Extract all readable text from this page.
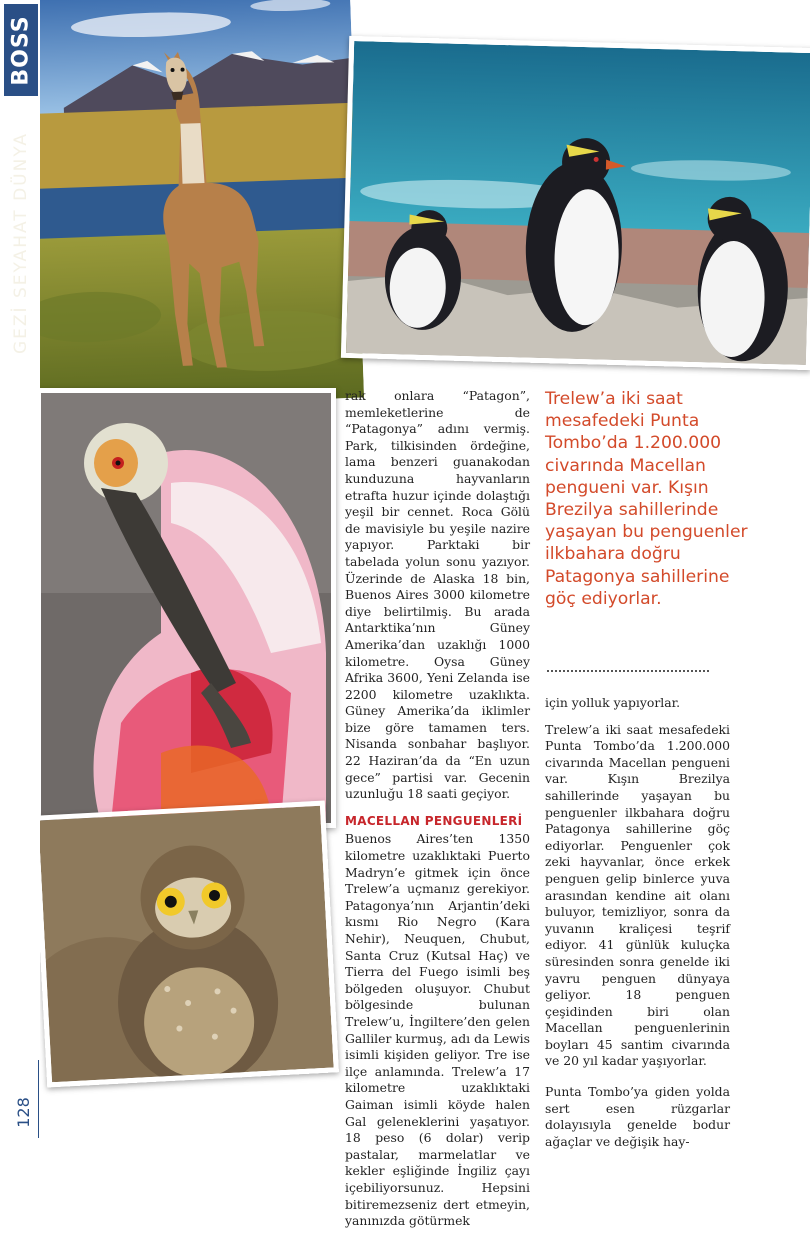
BOSS
GEZİ SEYAHAT DÜNYA
128

rak onlara “Patagon”, memleketlerine de “Patagonya” adını vermiş. Park, tilkisinden ördeğine, lama benzeri guanakodan kunduzuna hayvanların etrafta huzur içinde dolaştığı yeşil bir cennet. Roca Gölü de mavisiyle bu yeşile nazire yapıyor. Parktaki bir tabelada yolun sonu yazıyor. Üzerinde de Alaska 18 bin, Buenos Aires 3000 kilometre diye belirtilmiş. Bu arada Antarktika’nın Güney Amerika’dan uzaklığı 1000 kilometre. Oysa Güney Afrika 3600, Yeni Zelanda ise 2200 kilometre uzaklıkta. Güney Amerika’da iklimler bize göre tamamen ters. Nisanda sonbahar başlıyor. 22 Haziran’da da “En uzun gece” partisi var. Gecenin uzunluğu 18 saati geçiyor.

MACELLAN PENGUENLERİ

Buenos Aires’ten 1350 kilometre uzaklıktaki Puerto Madryn’e gitmek için önce Trelew’a uçmanız gerekiyor. Patagonya’nın Arjantin’deki kısmı Rio Negro (Kara Nehir), Neuquen, Chubut, Santa Cruz (Kutsal Haç) ve Tierra del Fuego isimli beş bölgeden oluşuyor. Chubut bölgesinde bulunan Trelew’u, İngiltere’den gelen Galliler kurmuş, adı da Lewis isimli kişiden geliyor. Tre ise ilçe anlamında. Trelew’a 17 kilometre uzaklıktaki Gaiman isimli köyde halen Gal geleneklerini yaşatıyor. 18 peso (6 dolar) verip pastalar, marmelatlar ve kekler eşliğinde İngiliz çayı içebiliyorsunuz. Hepsini bitiremezseniz dert etmeyin, yanınızda götürmek

Trelew’a iki saat mesafedeki Punta Tombo’da 1.200.000 civarında Macellan pengueni var. Kışın Brezilya sahillerinde yaşayan bu penguenler ilkbahara doğru Patagonya sahillerine göç ediyorlar.

için yolluk yapıyorlar.

Trelew’a iki saat mesafedeki Punta Tombo’da 1.200.000 civarında Macellan pengueni var. Kışın Brezilya sahillerinde yaşayan bu penguenler ilkbahara doğru Patagonya sahillerine göç ediyorlar. Penguenler çok zeki hayvanlar, önce erkek penguen gelip binlerce yuva arasından kendine ait olanı buluyor, temizliyor, sonra da yuvanın kraliçesi teşrif ediyor. 41 günlük kuluçka süresinden sonra genelde iki yavru penguen dünyaya geliyor. 18 penguen çeşidinden biri olan Macellan penguenlerinin boyları 45 santim civarında ve 20 yıl kadar yaşıyorlar.

Punta Tombo’ya giden yolda sert esen rüzgarlar dolayısıyla genelde bodur ağaçlar ve değişik hay-
